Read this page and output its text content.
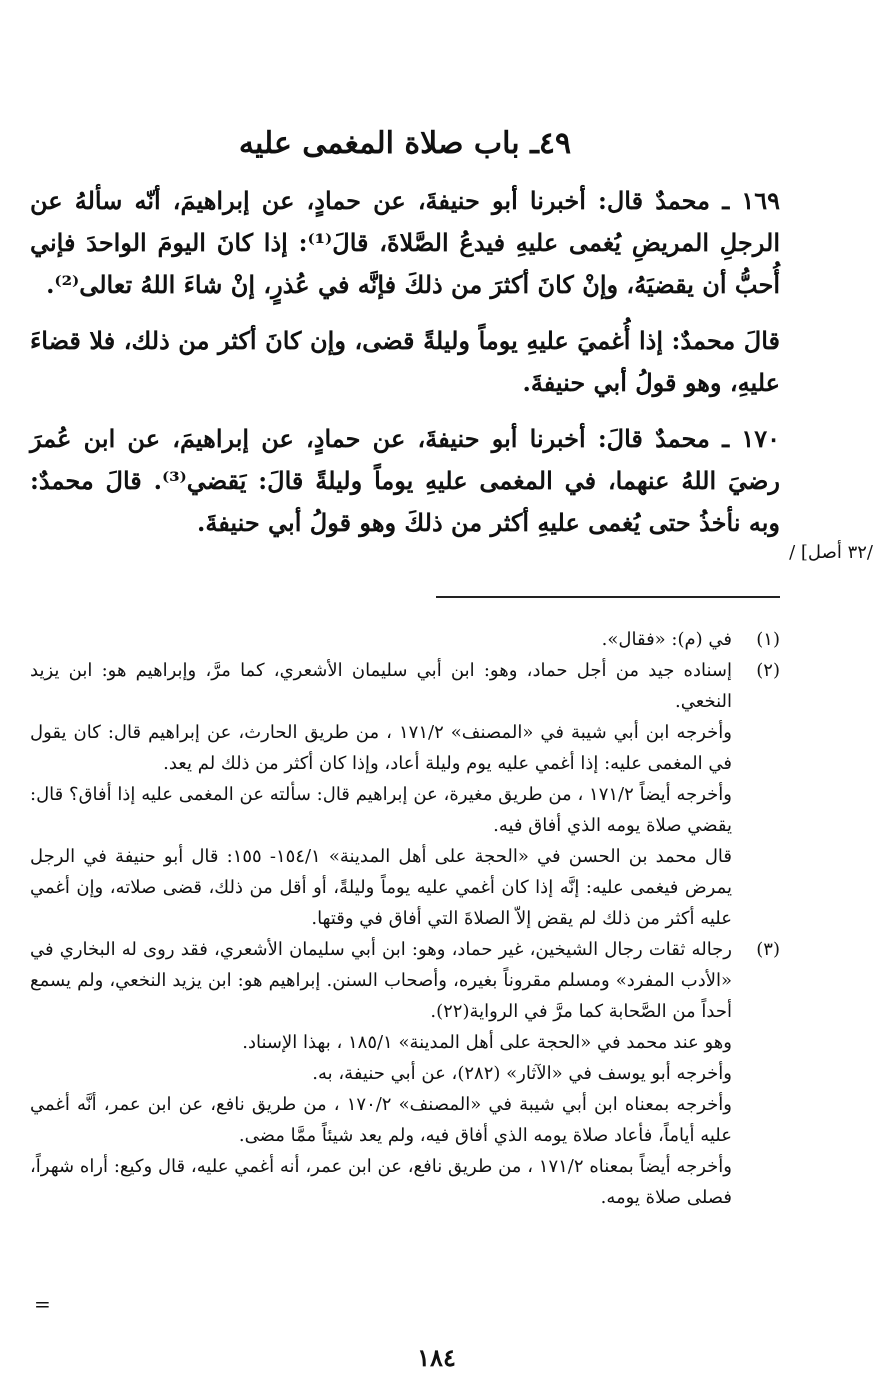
٤٩ـ باب صلاة المغمى عليه

١٦٩ ـ محمدٌ قال: أخبرنا أبو حنيفةَ، عن حمادٍ، عن إبراهيمَ، أنّه سألهُ عن الرجلِ المريضِ يُغمى عليهِ فيدعُ الصَّلاةَ، قالَ⁽¹⁾: إذا كانَ اليومَ الواحدَ فإني أُحبُّ أن يقضيَهُ، وإنْ كانَ أكثرَ من ذلكَ فإنَّه في عُذرٍ، إنْ شاءَ اللهُ تعالى⁽²⁾.

قالَ محمدٌ: إذا أُغميَ عليهِ يوماً وليلةً قضى، وإن كانَ أكثر من ذلك، فلا قضاءَ عليهِ، وهو قولُ أبي حنيفةَ.

١٧٠ ـ محمدٌ قالَ: أخبرنا أبو حنيفةَ، عن حمادٍ، عن إبراهيمَ، عن ابن عُمرَ رضيَ اللهُ عنهما، في المغمى عليهِ يوماً وليلةً قالَ: يَقضي⁽³⁾. قالَ محمدٌ: وبه نأخذُ حتى يُغمى عليهِ أكثر من ذلكَ وهو قولُ أبي حنيفةَ.

/٣٢ أصل] /
(١)

في (م): «فقال».

(٢)

إسناده جيد من أجل حماد، وهو: ابن أبي سليمان الأشعري، كما مرَّ، وإبراهيم هو: ابن يزيد النخعي.

وأخرجه ابن أبي شيبة في «المصنف» ١٧١/٢ ، من طريق الحارث، عن إبراهيم قال: كان يقول في المغمى عليه: إذا أغمي عليه يوم وليلة أعاد، وإذا كان أكثر من ذلك لم يعد.

وأخرجه أيضاً ١٧١/٢ ، من طريق مغيرة، عن إبراهيم قال: سألته عن المغمى عليه إذا أفاق؟ قال: يقضي صلاة يومه الذي أفاق فيه.

قال محمد بن الحسن في «الحجة على أهل المدينة» ١٥٤/١- ١٥٥: قال أبو حنيفة في الرجل يمرض فيغمى عليه: إنَّه إذا كان أغمي عليه يوماً وليلةً، أو أقل من ذلك، قضى صلاته، وإن أغمي عليه أكثر من ذلك لم يقض إلاّ الصلاةَ التي أفاق في وقتها.

(٣)

رجاله ثقات رجال الشيخين، غير حماد، وهو: ابن أبي سليمان الأشعري، فقد روى له البخاري في «الأدب المفرد» ومسلم مقروناً بغيره، وأصحاب السنن. إبراهيم هو: ابن يزيد النخعي، ولم يسمع أحداً من الصَّحابة كما مرَّ في الرواية(٢٢).

وهو عند محمد في «الحجة على أهل المدينة» ١٨٥/١ ، بهذا الإسناد.

وأخرجه أبو يوسف في «الآثار» (٢٨٢)، عن أبي حنيفة، به.

وأخرجه بمعناه ابن أبي شيبة في «المصنف» ١٧٠/٢ ، من طريق نافع، عن ابن عمر، أنَّه أغمي عليه أياماً، فأعاد صلاة يومه الذي أفاق فيه، ولم يعد شيئاً ممَّا مضى.

وأخرجه أيضاً بمعناه ١٧١/٢ ، من طريق نافع، عن ابن عمر، أنه أغمي عليه، قال وكيع: أراه شهراً، فصلى صلاة يومه.

=
١٨٤
